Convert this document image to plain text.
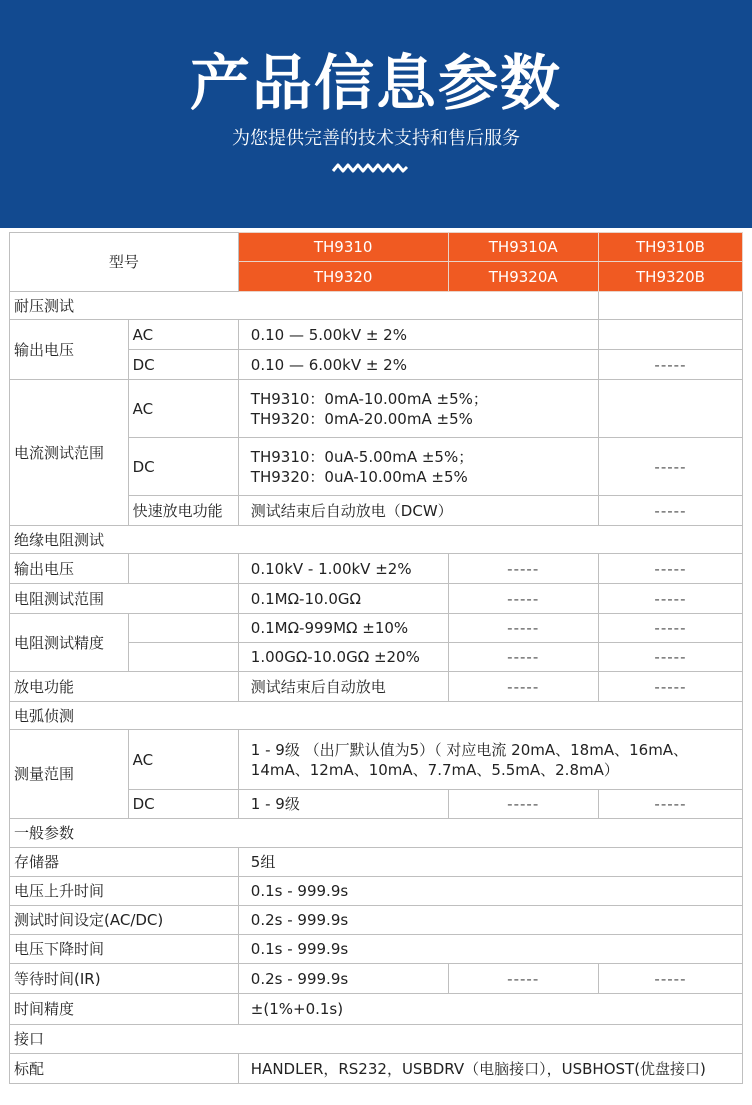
产品信息参数
为您提供完善的技术支持和售后服务
型号		TH9310	TH9310A	TH9310B
		TH9320	TH9320A	TH9320B
耐压测试				
输出电压	AC	0.10 — 5.00kV ± 2%		
	DC	0.10 — 6.00kV ± 2%		-----
电流测试范围	AC	TH9310：0mA-10.00mA ±5%；
TH9320：0mA-20.00mA ±5%		

	DC	TH9310：0uA-5.00mA ±5%；
TH9320：0uA-10.00mA ±5%		-----
	快速放电功能	测试结束后自动放电（DCW）		-----
绝缘电阻测试				
输出电压		0.10kV - 1.00kV ±2%	-----	-----
电阻测试范围		0.1MΩ-10.0GΩ	-----	-----
电阻测试精度		0.1MΩ-999MΩ ±10%	-----	-----
		1.00GΩ-10.0GΩ ±20%	-----	-----
放电功能		测试结束后自动放电	-----	-----
电弧侦测				
测量范围	AC	1 - 9级 （出厂默认值为5）（ 对应电流 20mA、18mA、16mA、14mA、12mA、10mA、7.7mA、5.5mA、2.8mA）		
	DC	1 - 9级	-----	-----
一般参数				
存储器		5组		
电压上升时间		0.1s - 999.9s		
测试时间设定(AC/DC)		0.2s - 999.9s		
电压下降时间		0.1s - 999.9s		
等待时间(IR)		0.2s - 999.9s	-----	-----
时间精度		±(1%+0.1s)		
接口				
标配		HANDLER，RS232，USBDRV（电脑接口），USBHOST(优盘接口)		
